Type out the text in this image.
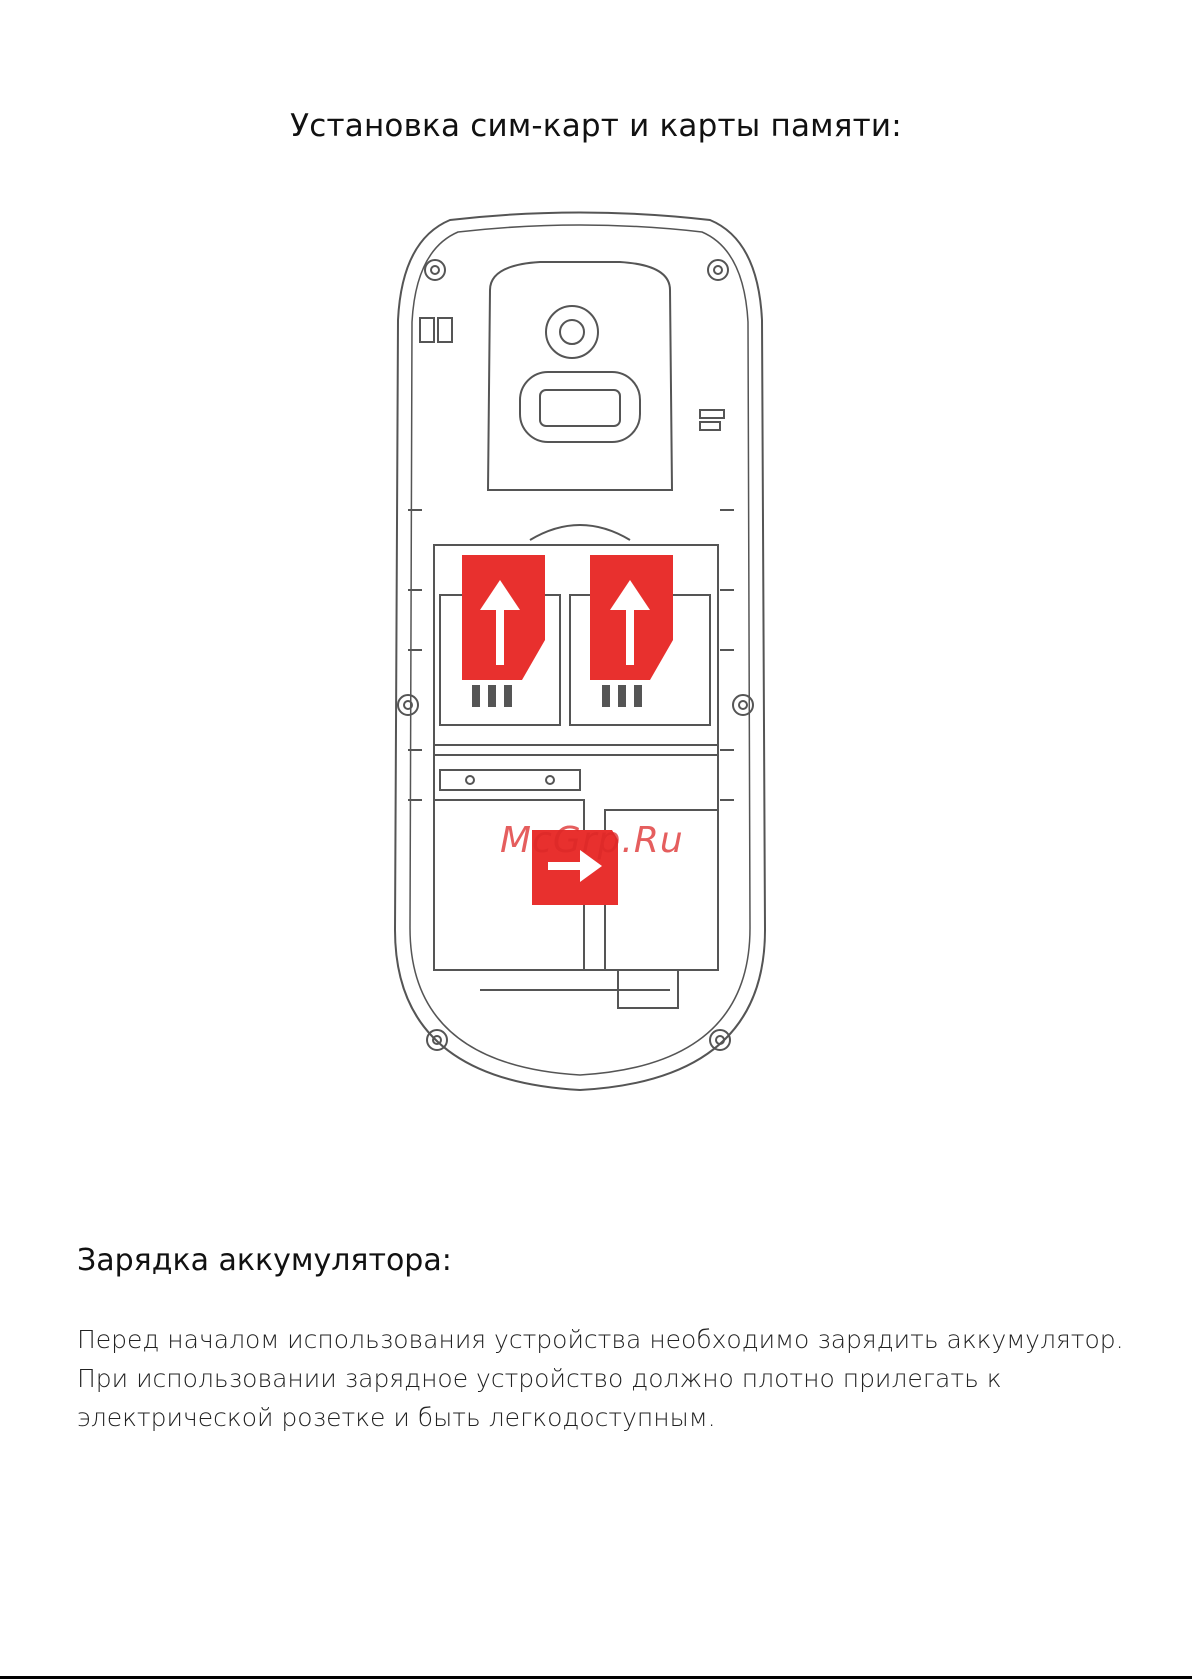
Установка сим-карт и карты памяти:
McGrp.Ru
Зарядка аккумулятора:

Перед началом использования устройства необходимо зарядить аккумулятор.

При использовании зарядное устройство должно плотно прилегать к электрической розетке и быть легкодоступным.
